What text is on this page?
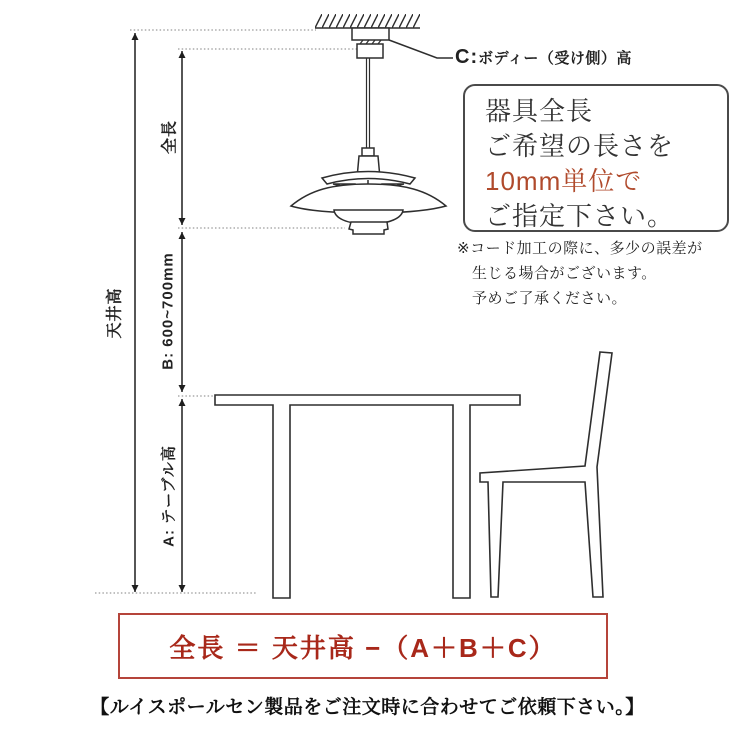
天井高
全長
B: 600~700mm
A: テーブル高
C:ボディー（受け側）高
器具全長
ご希望の長さを
10mm単位で
ご指定下さい。
※コード加工の際に、多少の誤差が
生じる場合がございます。
予めご了承ください。
全長 ＝ 天井高 −（A＋B＋C）
【ルイスポールセン製品をご注文時に合わせてご依頼下さい。】
